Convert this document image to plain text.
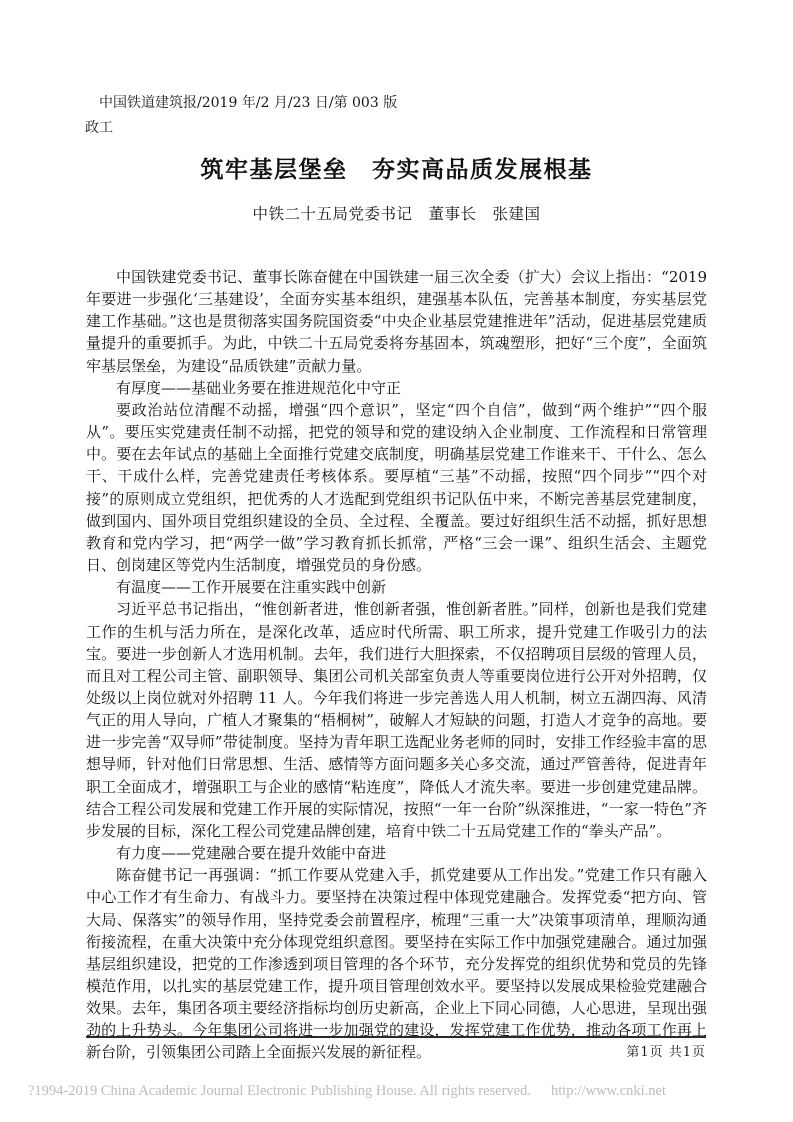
中国铁道建筑报/2019 年/2 月/23 日/第 003 版
政工
筑牢基层堡垒　夯实高品质发展根基
中铁二十五局党委书记　董事长　张建国

中国铁建党委书记、董事长陈奋健在中国铁建一届三次全委（扩大）会议上指出：“2019 年要进一步强化‘三基建设’，全面夯实基本组织，建强基本队伍，完善基本制度，夯实基层党建工作基础。”这也是贯彻落实国务院国资委“中央企业基层党建推进年”活动，促进基层党建质量提升的重要抓手。为此，中铁二十五局党委将夯基固本，筑魂塑形，把好“三个度”，全面筑牢基层堡垒，为建设“品质铁建”贡献力量。

有厚度——基础业务要在推进规范化中守正

要政治站位清醒不动摇，增强“四个意识”，坚定“四个自信”，做到“两个维护”“四个服从”。要压实党建责任制不动摇，把党的领导和党的建设纳入企业制度、工作流程和日常管理中。要在去年试点的基础上全面推行党建交底制度，明确基层党建工作谁来干、干什么、怎么干、干成什么样，完善党建责任考核体系。要厚植“三基”不动摇，按照“四个同步”“四个对接”的原则成立党组织，把优秀的人才选配到党组织书记队伍中来，不断完善基层党建制度，做到国内、国外项目党组织建设的全员、全过程、全覆盖。要过好组织生活不动摇，抓好思想教育和党内学习，把“两学一做”学习教育抓长抓常，严格“三会一课”、组织生活会、主题党日、创岗建区等党内生活制度，增强党员的身份感。

有温度——工作开展要在注重实践中创新

习近平总书记指出，“惟创新者进，惟创新者强，惟创新者胜。”同样，创新也是我们党建工作的生机与活力所在，是深化改革，适应时代所需、职工所求，提升党建工作吸引力的法宝。要进一步创新人才选用机制。去年，我们进行大胆探索，不仅招聘项目层级的管理人员，而且对工程公司主管、副职领导、集团公司机关部室负责人等重要岗位进行公开对外招聘，仅处级以上岗位就对外招聘 11 人。今年我们将进一步完善选人用人机制，树立五湖四海、风清气正的用人导向，广植人才聚集的“梧桐树”，破解人才短缺的问题，打造人才竞争的高地。要进一步完善“双导师”带徒制度。坚持为青年职工选配业务老师的同时，安排工作经验丰富的思想导师，针对他们日常思想、生活、感情等方面问题多关心多交流，通过严管善待，促进青年职工全面成才，增强职工与企业的感情“粘连度”，降低人才流失率。要进一步创建党建品牌。结合工程公司发展和党建工作开展的实际情况，按照“一年一台阶”纵深推进，“一家一特色”齐步发展的目标，深化工程公司党建品牌创建，培育中铁二十五局党建工作的“拳头产品”。

有力度——党建融合要在提升效能中奋进

陈奋健书记一再强调：“抓工作要从党建入手，抓党建要从工作出发。”党建工作只有融入中心工作才有生命力、有战斗力。要坚持在决策过程中体现党建融合。发挥党委“把方向、管大局、保落实”的领导作用，坚持党委会前置程序，梳理“三重一大”决策事项清单，理顺沟通衔接流程，在重大决策中充分体现党组织意图。要坚持在实际工作中加强党建融合。通过加强基层组织建设，把党的工作渗透到项目管理的各个环节，充分发挥党的组织优势和党员的先锋模范作用，以扎实的基层党建工作，提升项目管理创效水平。要坚持以发展成果检验党建融合效果。去年，集团各项主要经济指标均创历史新高，企业上下同心同德，人心思进，呈现出强劲的上升势头。今年集团公司将进一步加强党的建设，发挥党建工作优势，推动各项工作再上新台阶，引领集团公司踏上全面振兴发展的新征程。	第1页 共1页
?1994-2019 China Academic Journal Electronic Publishing House. All rights reserved. http://www.cnki.net
